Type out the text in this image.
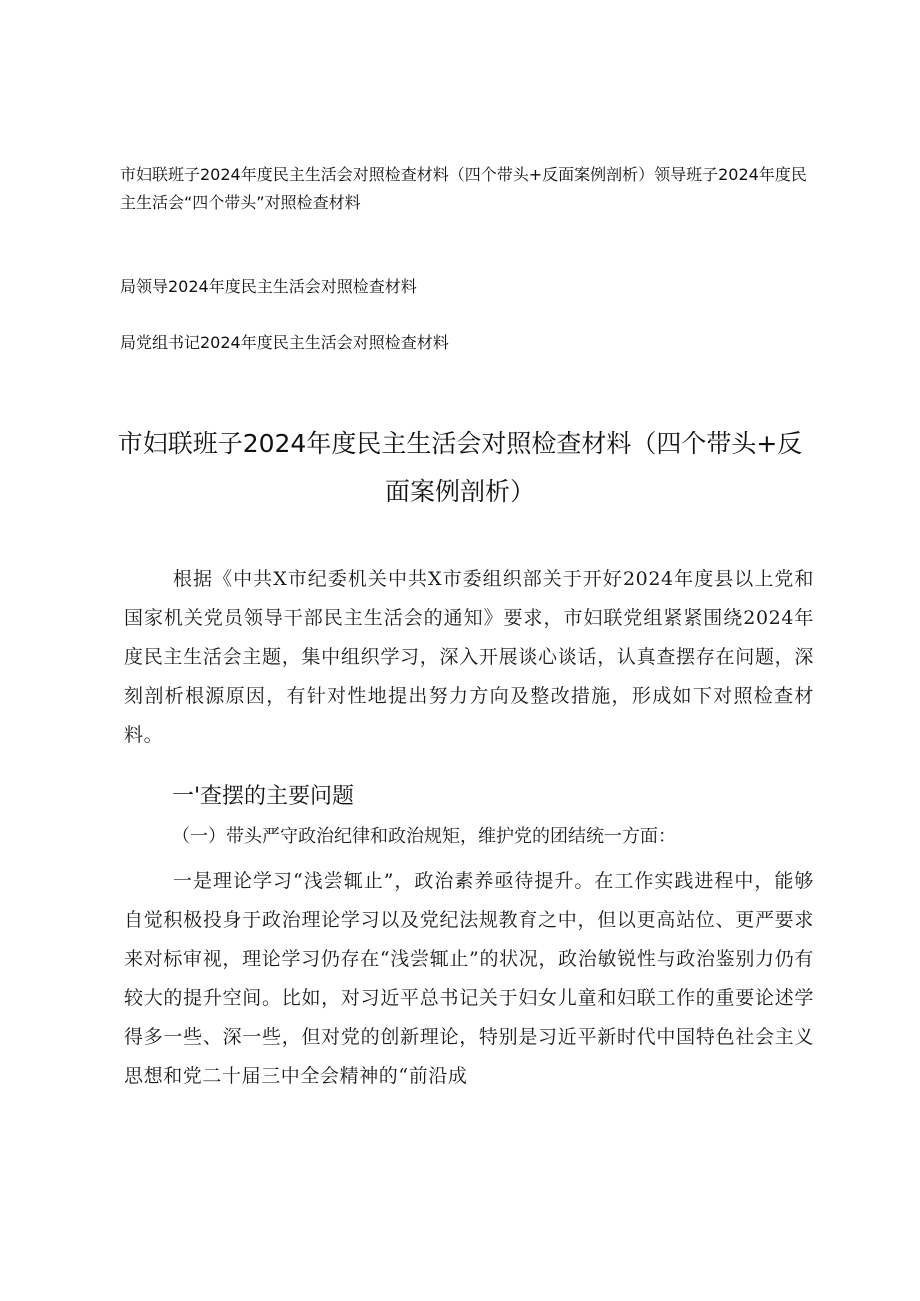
市妇联班子2024年度民主生活会对照检查材料（四个带头+反面案例剖析）领导班子2024年度民主生活会“四个带头”对照检查材料
局领导2024年度民主生活会对照检查材料
局党组书记2024年度民主生活会对照检查材料
市妇联班子2024年度民主生活会对照检查材料（四个带头+反面案例剖析）
根据《中共X市纪委机关中共X市委组织部关于开好2024年度县以上党和国家机关党员领导干部民主生活会的通知》要求，市妇联党组紧紧围绕2024年度民主生活会主题，集中组织学习，深入开展谈心谈话，认真查摆存在问题，深刻剖析根源原因，有针对性地提出努力方向及整改措施，形成如下对照检查材料。
一'查摆的主要问题
（一）带头严守政治纪律和政治规矩，维护党的团结统一方面：
一是理论学习“浅尝辄止”，政治素养亟待提升。在工作实践进程中，能够自觉积极投身于政治理论学习以及党纪法规教育之中，但以更高站位、更严要求来对标审视，理论学习仍存在“浅尝辄止”的状况，政治敏锐性与政治鉴别力仍有较大的提升空间。比如，对习近平总书记关于妇女儿童和妇联工作的重要论述学得多一些、深一些，但对党的创新理论，特别是习近平新时代中国特色社会主义思想和党二十届三中全会精神的“前沿成
